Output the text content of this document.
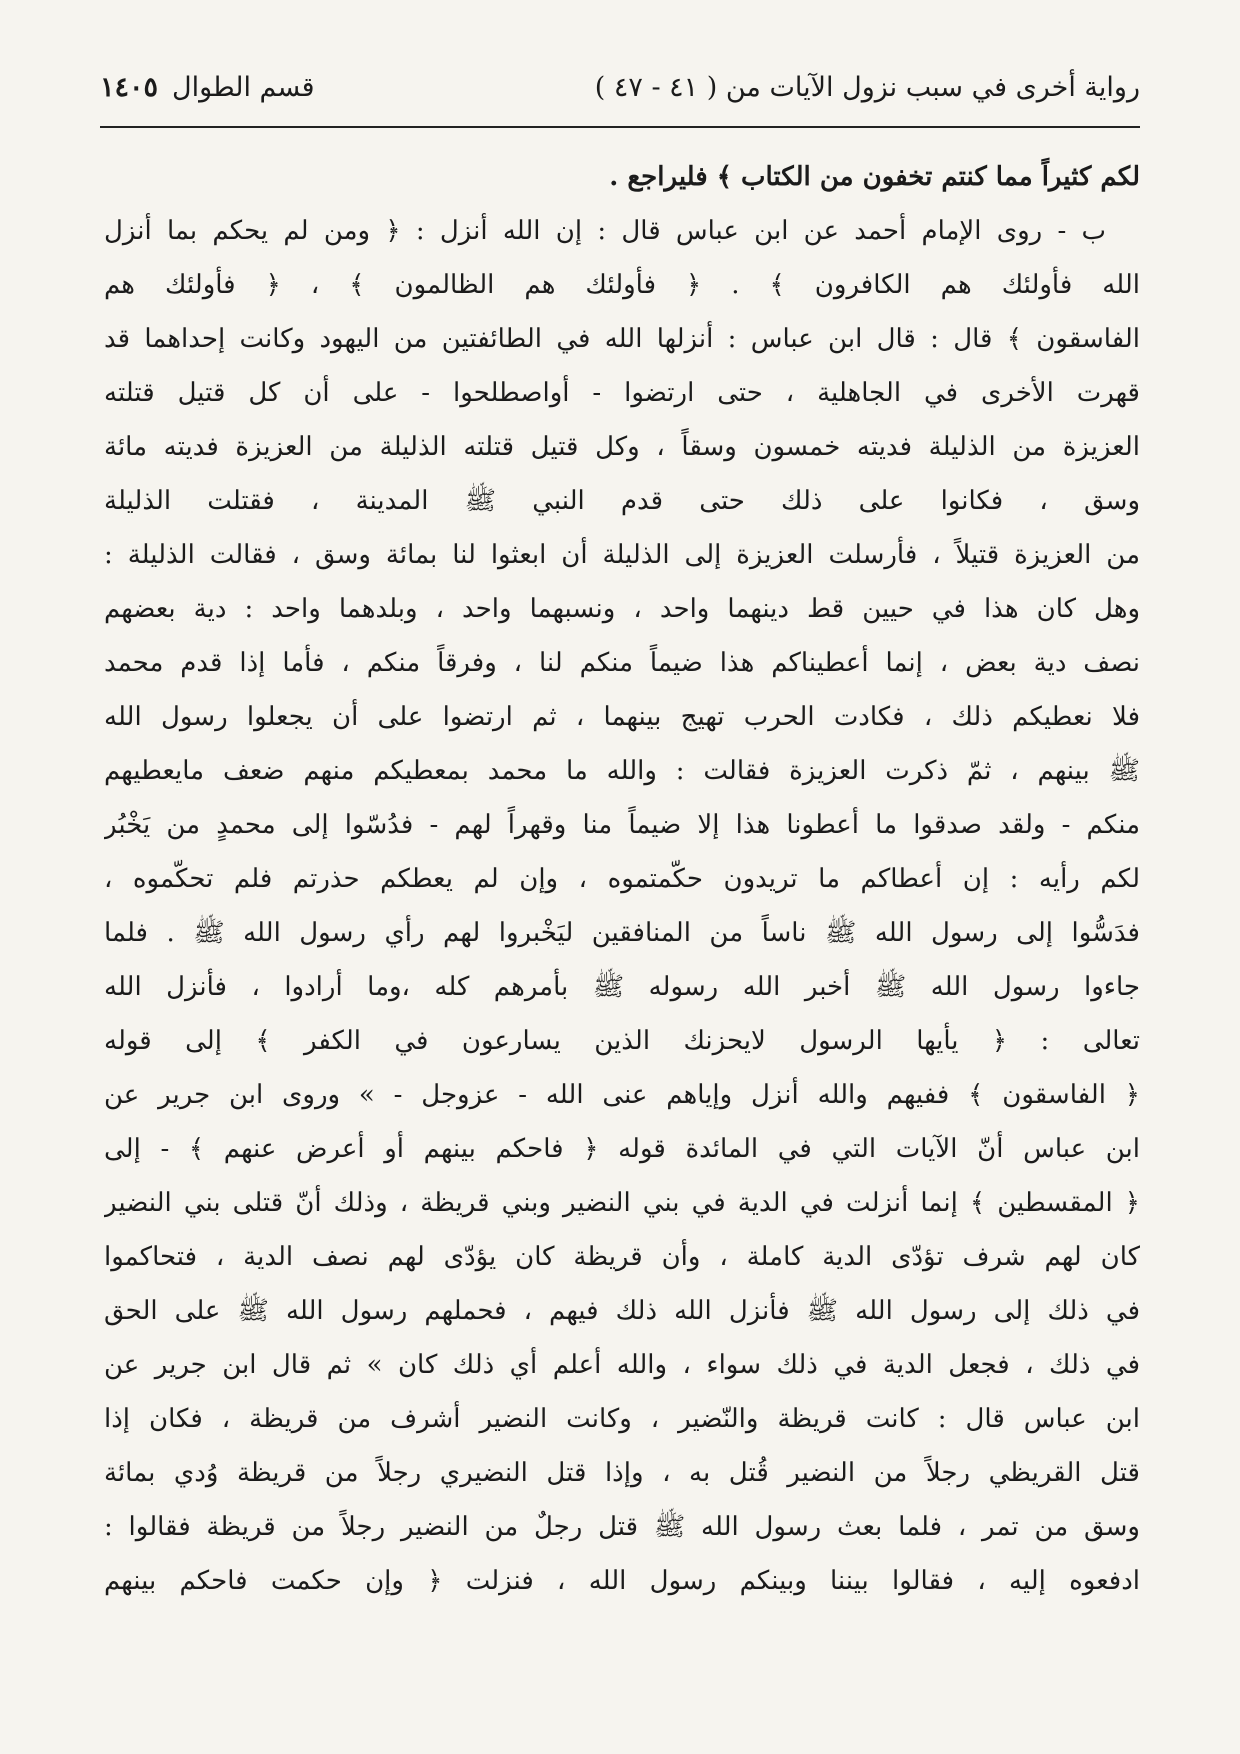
رواية أخرى في سبب نزول الآيات من ( ٤١ - ٤٧ )
قسم الطوال١٤٠٥
لكم كثيراً مما كنتم تخفون من الكتاب ﴾ فليراجع .
ب - روى الإمام أحمد عن ابن عباس قال : إن الله أنزل : ﴿ ومن لم يحكم بما أنزل
الله فأولئك هم الكافرون ﴾ . ﴿ فأولئك هم الظالمون ﴾ ، ﴿ فأولئك هم
الفاسقون ﴾ قال : قال ابن عباس : أنزلها الله في الطائفتين من اليهود وكانت إحداهما قد
قهرت الأخرى في الجاهلية ، حتى ارتضوا - أواصطلحوا - على أن كل قتيل قتلته
العزيزة من الذليلة فديته خمسون وسقاً ، وكل قتيل قتلته الذليلة من العزيزة فديته مائة
وسق ، فكانوا على ذلك حتى قدم النبي ﷺ المدينة ، فقتلت الذليلة
من العزيزة قتيلاً ، فأرسلت العزيزة إلى الذليلة أن ابعثوا لنا بمائة وسق ، فقالت الذليلة :
وهل كان هذا في حيين قط دينهما واحد ، ونسبهما واحد ، وبلدهما واحد : دية بعضهم
نصف دية بعض ، إنما أعطيناكم هذا ضيماً منكم لنا ، وفرقاً منكم ، فأما إذا قدم محمد
فلا نعطيكم ذلك ، فكادت الحرب تهيج بينهما ، ثم ارتضوا على أن يجعلوا رسول الله
ﷺ بينهم ، ثمّ ذكرت العزيزة فقالت : والله ما محمد بمعطيكم منهم ضعف مايعطيهم
منكم - ولقد صدقوا ما أعطونا هذا إلا ضيماً منا وقهراً لهم - فدُسّوا إلى محمدٍ من يَخْبُر
لكم رأيه : إن أعطاكم ما تريدون حكّمتموه ، وإن لم يعطكم حذرتم فلم تحكّموه ،
فدَسُّوا إلى رسول الله ﷺ ناساً من المنافقين ليَخْبروا لهم رأي رسول الله ﷺ . فلما
جاءوا رسول الله ﷺ أخبر الله رسوله ﷺ بأمرهم كله ،وما أرادوا ، فأنزل الله
تعالى : ﴿ يأيها الرسول لايحزنك الذين يسارعون في الكفر ﴾ إلى قوله
﴿ الفاسقون ﴾ ففيهم والله أنزل وإياهم عنى الله - عزوجل - » وروى ابن جرير عن
ابن عباس أنّ الآيات التي في المائدة قوله ﴿ فاحكم بينهم أو أعرض عنهم ﴾ - إلى
﴿ المقسطين ﴾ إنما أنزلت في الدية في بني النضير وبني قريظة ، وذلك أنّ قتلى بني النضير
كان لهم شرف تؤدّى الدية كاملة ، وأن قريظة كان يؤدّى لهم نصف الدية ، فتحاكموا
في ذلك إلى رسول الله ﷺ فأنزل الله ذلك فيهم ، فحملهم رسول الله ﷺ على الحق
في ذلك ، فجعل الدية في ذلك سواء ، والله أعلم أي ذلك كان » ثم قال ابن جرير عن
ابن عباس قال : كانت قريظة والنّضير ، وكانت النضير أشرف من قريظة ، فكان إذا
قتل القريظي رجلاً من النضير قُتل به ، وإذا قتل النضيري رجلاً من قريظة وُدي بمائة
وسق من تمر ، فلما بعث رسول الله ﷺ قتل رجلٌ من النضير رجلاً من قريظة فقالوا :
ادفعوه إليه ، فقالوا بيننا وبينكم رسول الله ، فنزلت ﴿ وإن حكمت فاحكم بينهم
